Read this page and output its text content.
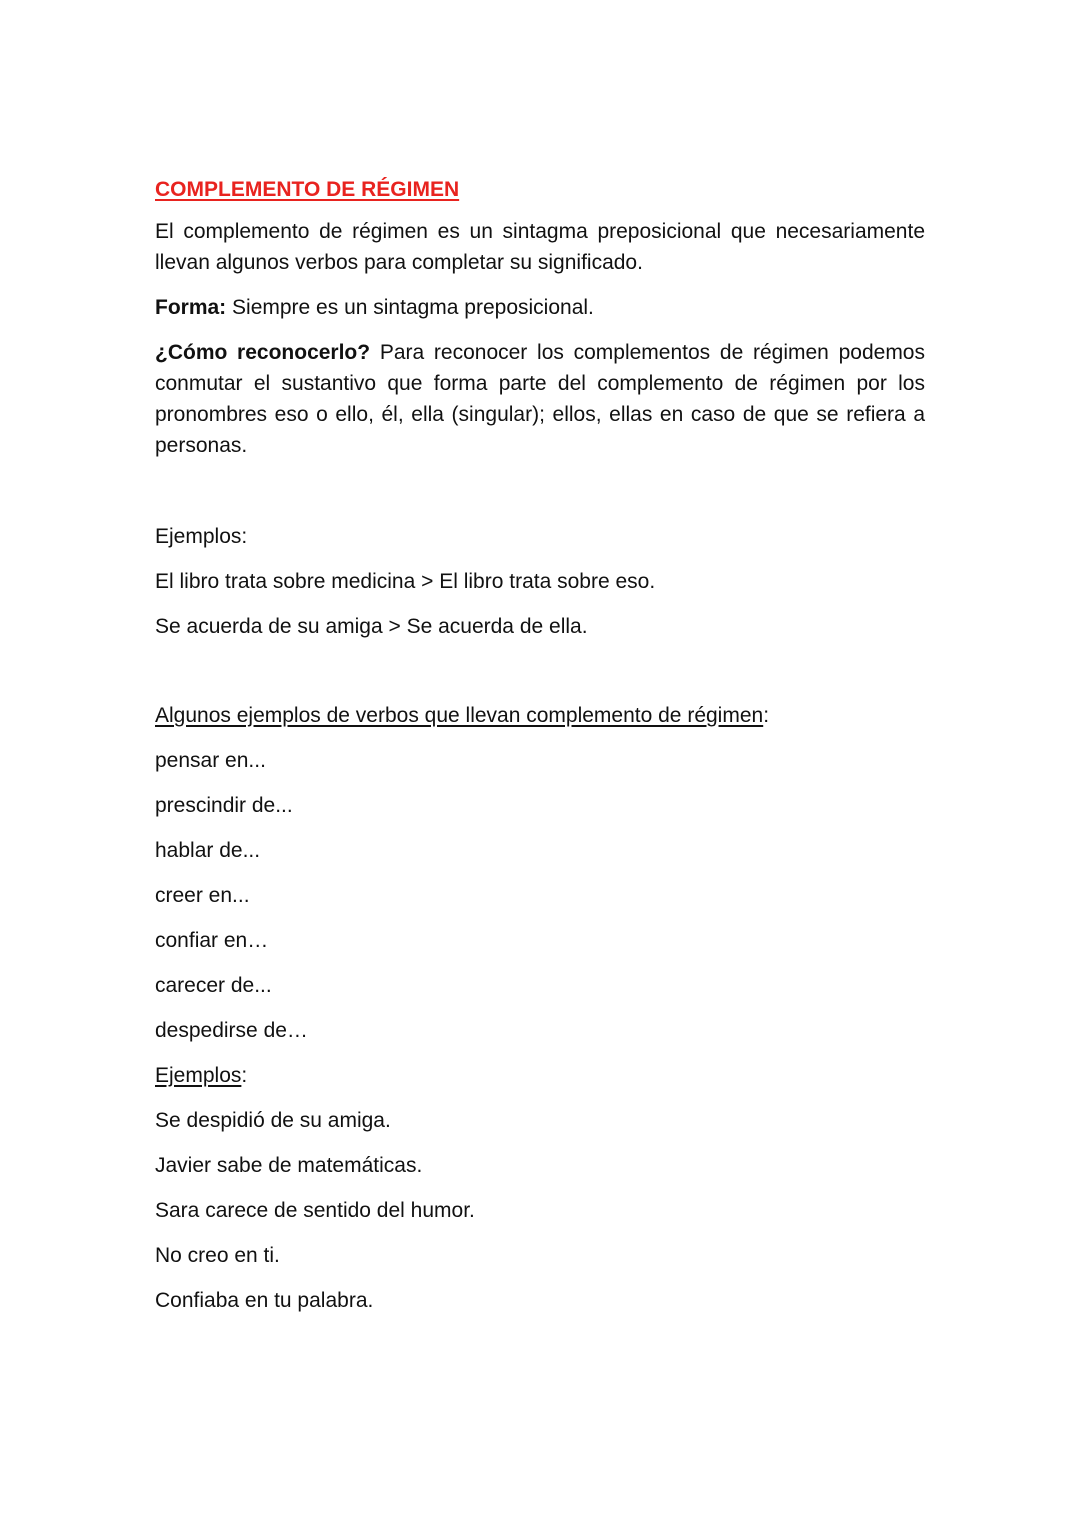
COMPLEMENTO DE RÉGIMEN

El complemento de régimen es un sintagma preposicional que necesariamente llevan algunos verbos para completar su significado.

Forma: Siempre es un sintagma preposicional.

¿Cómo reconocerlo? Para reconocer los complementos de régimen podemos conmutar el sustantivo que forma parte del complemento de régimen por los pronombres eso o ello, él, ella (singular); ellos, ellas en caso de que se refiera a personas.

Ejemplos:
El libro trata sobre medicina > El libro trata sobre eso.
Se acuerda de su amiga > Se acuerda de ella.
Algunos ejemplos de verbos que llevan complemento de régimen:
pensar en...
prescindir de...
hablar de...
creer en...
confiar en…
carecer de...
despedirse de…
Ejemplos:
Se despidió de su amiga.
Javier sabe de matemáticas.
Sara carece de sentido del humor.
No creo en ti.
Confiaba en tu palabra.
